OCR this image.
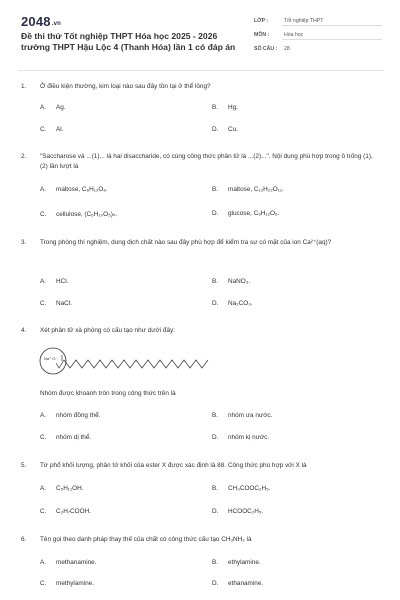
2048.vn
Đề thi thử Tốt nghiệp THPT Hóa học 2025 - 2026 trường THPT Hậu Lộc 4 (Thanh Hóa) lần 1 có đáp án
LỚP :	Tốt nghiệp THPT
MÔN :	Hóa học
SỐ CÂU : 28
1. Ở điều kiện thường, kim loại nào sau đây tồn tại ở thể lỏng?
A. Ag.	B. Hg.
C. Al.	D. Cu.
2. "Saccharose và ...(1)... là hai disaccharide, có cùng công thức phân tử là ...(2)...". Nội dung phù hợp trong ô trống (1), (2) lần lượt là
A. maltose, C₆H₁₂O₆.	B. maltose, C₁₂H₂₂O₁₁.
C. cellulose, (C₆H₁₀O₅)ₙ.	D. glucose, C₆H₁₂O₆.
3. Trong phòng thí nghiệm, dung dịch chất nào sau đây phù hợp để kiểm tra sự có mặt của ion Ca²⁺(aq)?
A. HCl.	B. NaNO₃.
C. NaCl.	D. Na₂CO₃.
4. Xét phân tử xà phòng có cấu tạo như dưới đây:
Na⁺ O⁻
Nhóm được khoanh tròn trong công thức trên là
A. nhóm đồng thể.	B. nhóm ưa nước.
C. nhóm dị thể.	D. nhóm kị nước.
5. Từ phổ khối lượng, phân tử khối của ester X được xác định là 88. Công thức phù hợp với X là
A. C₅H₁₁OH.	B. CH₃COOC₂H₅.
C. C₃H₇COOH.	D. HCOOC₂H₅.
6. Tên gọi theo danh pháp thay thế của chất có công thức cấu tạo CH₃NH₂ là
A. methanamine.	B. ethylamine.
C. methylamine.	D. ethanamine.
